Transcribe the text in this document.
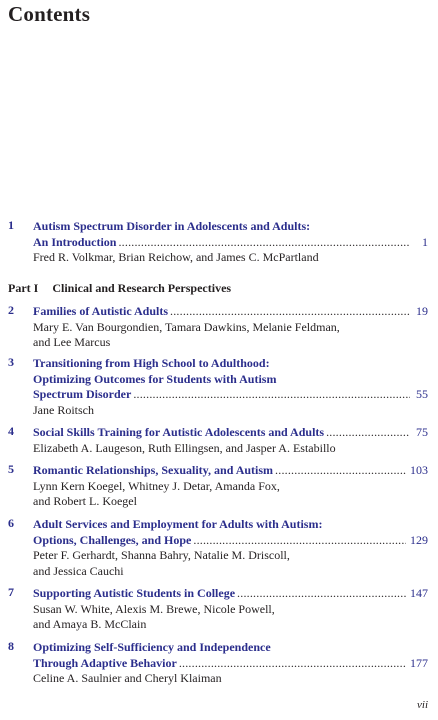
Contents
1	Autism Spectrum Disorder in Adolescents and Adults:
An Introduction . . .	1
Fred R. Volkmar, Brian Reichow, and James C. McPartland
2	Families of Autistic Adults . . .	19
Mary E. Van Bourgondien, Tamara Dawkins, Melanie Feldman,
and Lee Marcus
3	Transitioning from High School to Adulthood:
Optimizing Outcomes for Students with Autism
Spectrum Disorder . . .	55
Jane Roitsch
4	Social Skills Training for Autistic Adolescents and Adults . . .	75
Elizabeth A. Laugeson, Ruth Ellingsen, and Jasper A. Estabillo
5	Romantic Relationships, Sexuality, and Autism . . .	103
Lynn Kern Koegel, Whitney J. Detar, Amanda Fox,
and Robert L. Koegel
6	Adult Services and Employment for Adults with Autism:
Options, Challenges, and Hope . . .	129
Peter F. Gerhardt, Shanna Bahry, Natalie M. Driscoll,
and Jessica Cauchi
7	Supporting Autistic Students in College . . .	147
Susan W. White, Alexis M. Brewe, Nicole Powell,
and Amaya B. McClain
8	Optimizing Self-Sufficiency and Independence
Through Adaptive Behavior . . .	177
Celine A. Saulnier and Cheryl Klaiman
Part I Clinical and Research Perspectives
vii
